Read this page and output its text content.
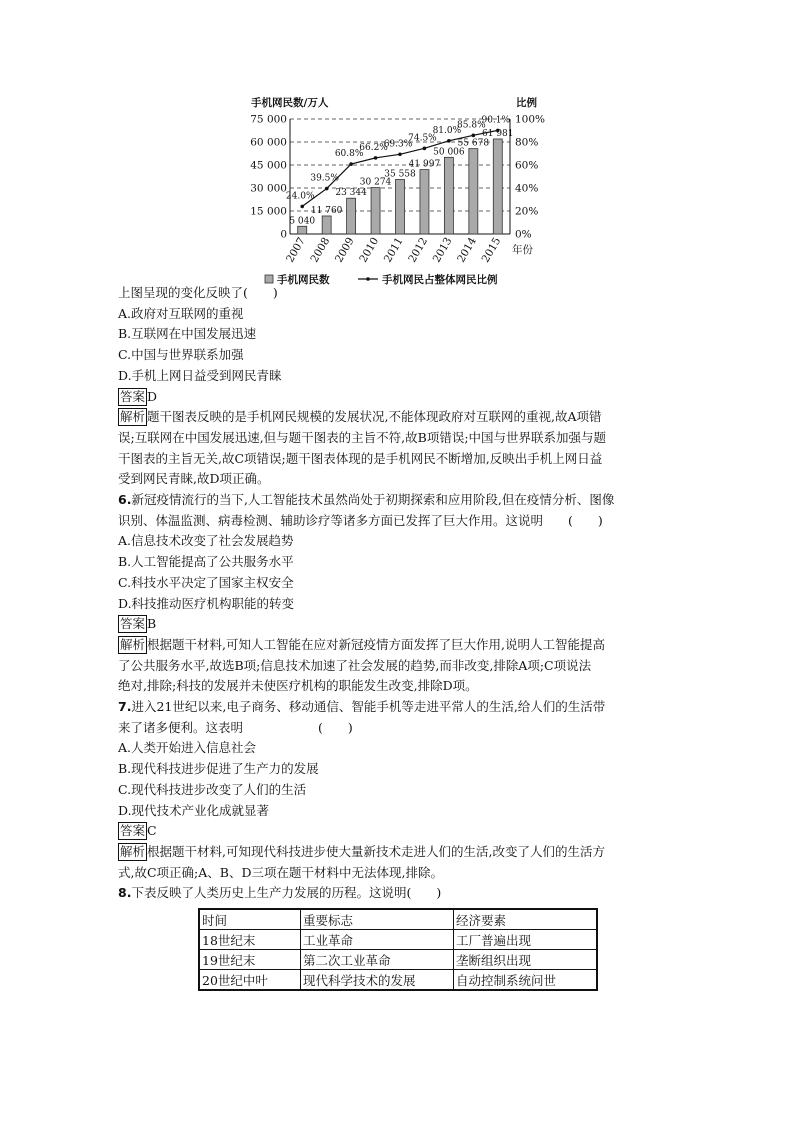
手机网民数/万人	比例
0	0%
15 000	20%
30 000	40%
45 000	60%
60 000	80%
75 000	100%
5 040
2007
11 760
2008
23 344
2009
30 274
2010
35 558
2011
41 997
2012
50 006
2013
55 678
2014
61 981
2015 年份
24.0%
39.5%
60.8%
66.2%
69.3%
74.5%
81.0%
85.8%
90.1%
手机网民数	手机网民占整体网民比例
上图呈现的变化反映了(　　)
A.政府对互联网的重视
B.互联网在中国发展迅速
C.中国与世界联系加强
D.手机上网日益受到网民青睐
答案 D
解析 题干图表反映的是手机网民规模的发展状况,不能体现政府对互联网的重视,故A项错
误;互联网在中国发展迅速,但与题干图表的主旨不符,故B项错误;中国与世界联系加强与题
干图表的主旨无关,故C项错误;题干图表体现的是手机网民不断增加,反映出手机上网日益
受到网民青睐,故D项正确。
6.新冠疫情流行的当下,人工智能技术虽然尚处于初期探索和应用阶段,但在疫情分析、图像
识别、体温监测、病毒检测、辅助诊疗等诸多方面已发挥了巨大作用。这说明　　(　　)
A.信息技术改变了社会发展趋势
B.人工智能提高了公共服务水平
C.科技水平决定了国家主权安全
D.科技推动医疗机构职能的转变
答案 B
解析 根据题干材料,可知人工智能在应对新冠疫情方面发挥了巨大作用,说明人工智能提高
了公共服务水平,故选B项;信息技术加速了社会发展的趋势,而非改变,排除A项;C项说法
绝对,排除;科技的发展并未使医疗机构的职能发生改变,排除D项。
7.进入21世纪以来,电子商务、移动通信、智能手机等走进平常人的生活,给人们的生活带
来了诸多便利。这表明　　　　　　(　　)
A.人类开始进入信息社会
B.现代科技进步促进了生产力的发展
C.现代科技进步改变了人们的生活
D.现代技术产业化成就显著
答案 C
解析 根据题干材料,可知现代科技进步使大量新技术走进人们的生活,改变了人们的生活方
式,故C项正确;A、B、D三项在题干材料中无法体现,排除。
8.下表反映了人类历史上生产力发展的历程。这说明(　　)
时间	重要标志	经济要素
18世纪末	工业革命	工厂普遍出现
19世纪末	第二次工业革命	垄断组织出现
20世纪中叶	现代科学技术的发展	自动控制系统问世
